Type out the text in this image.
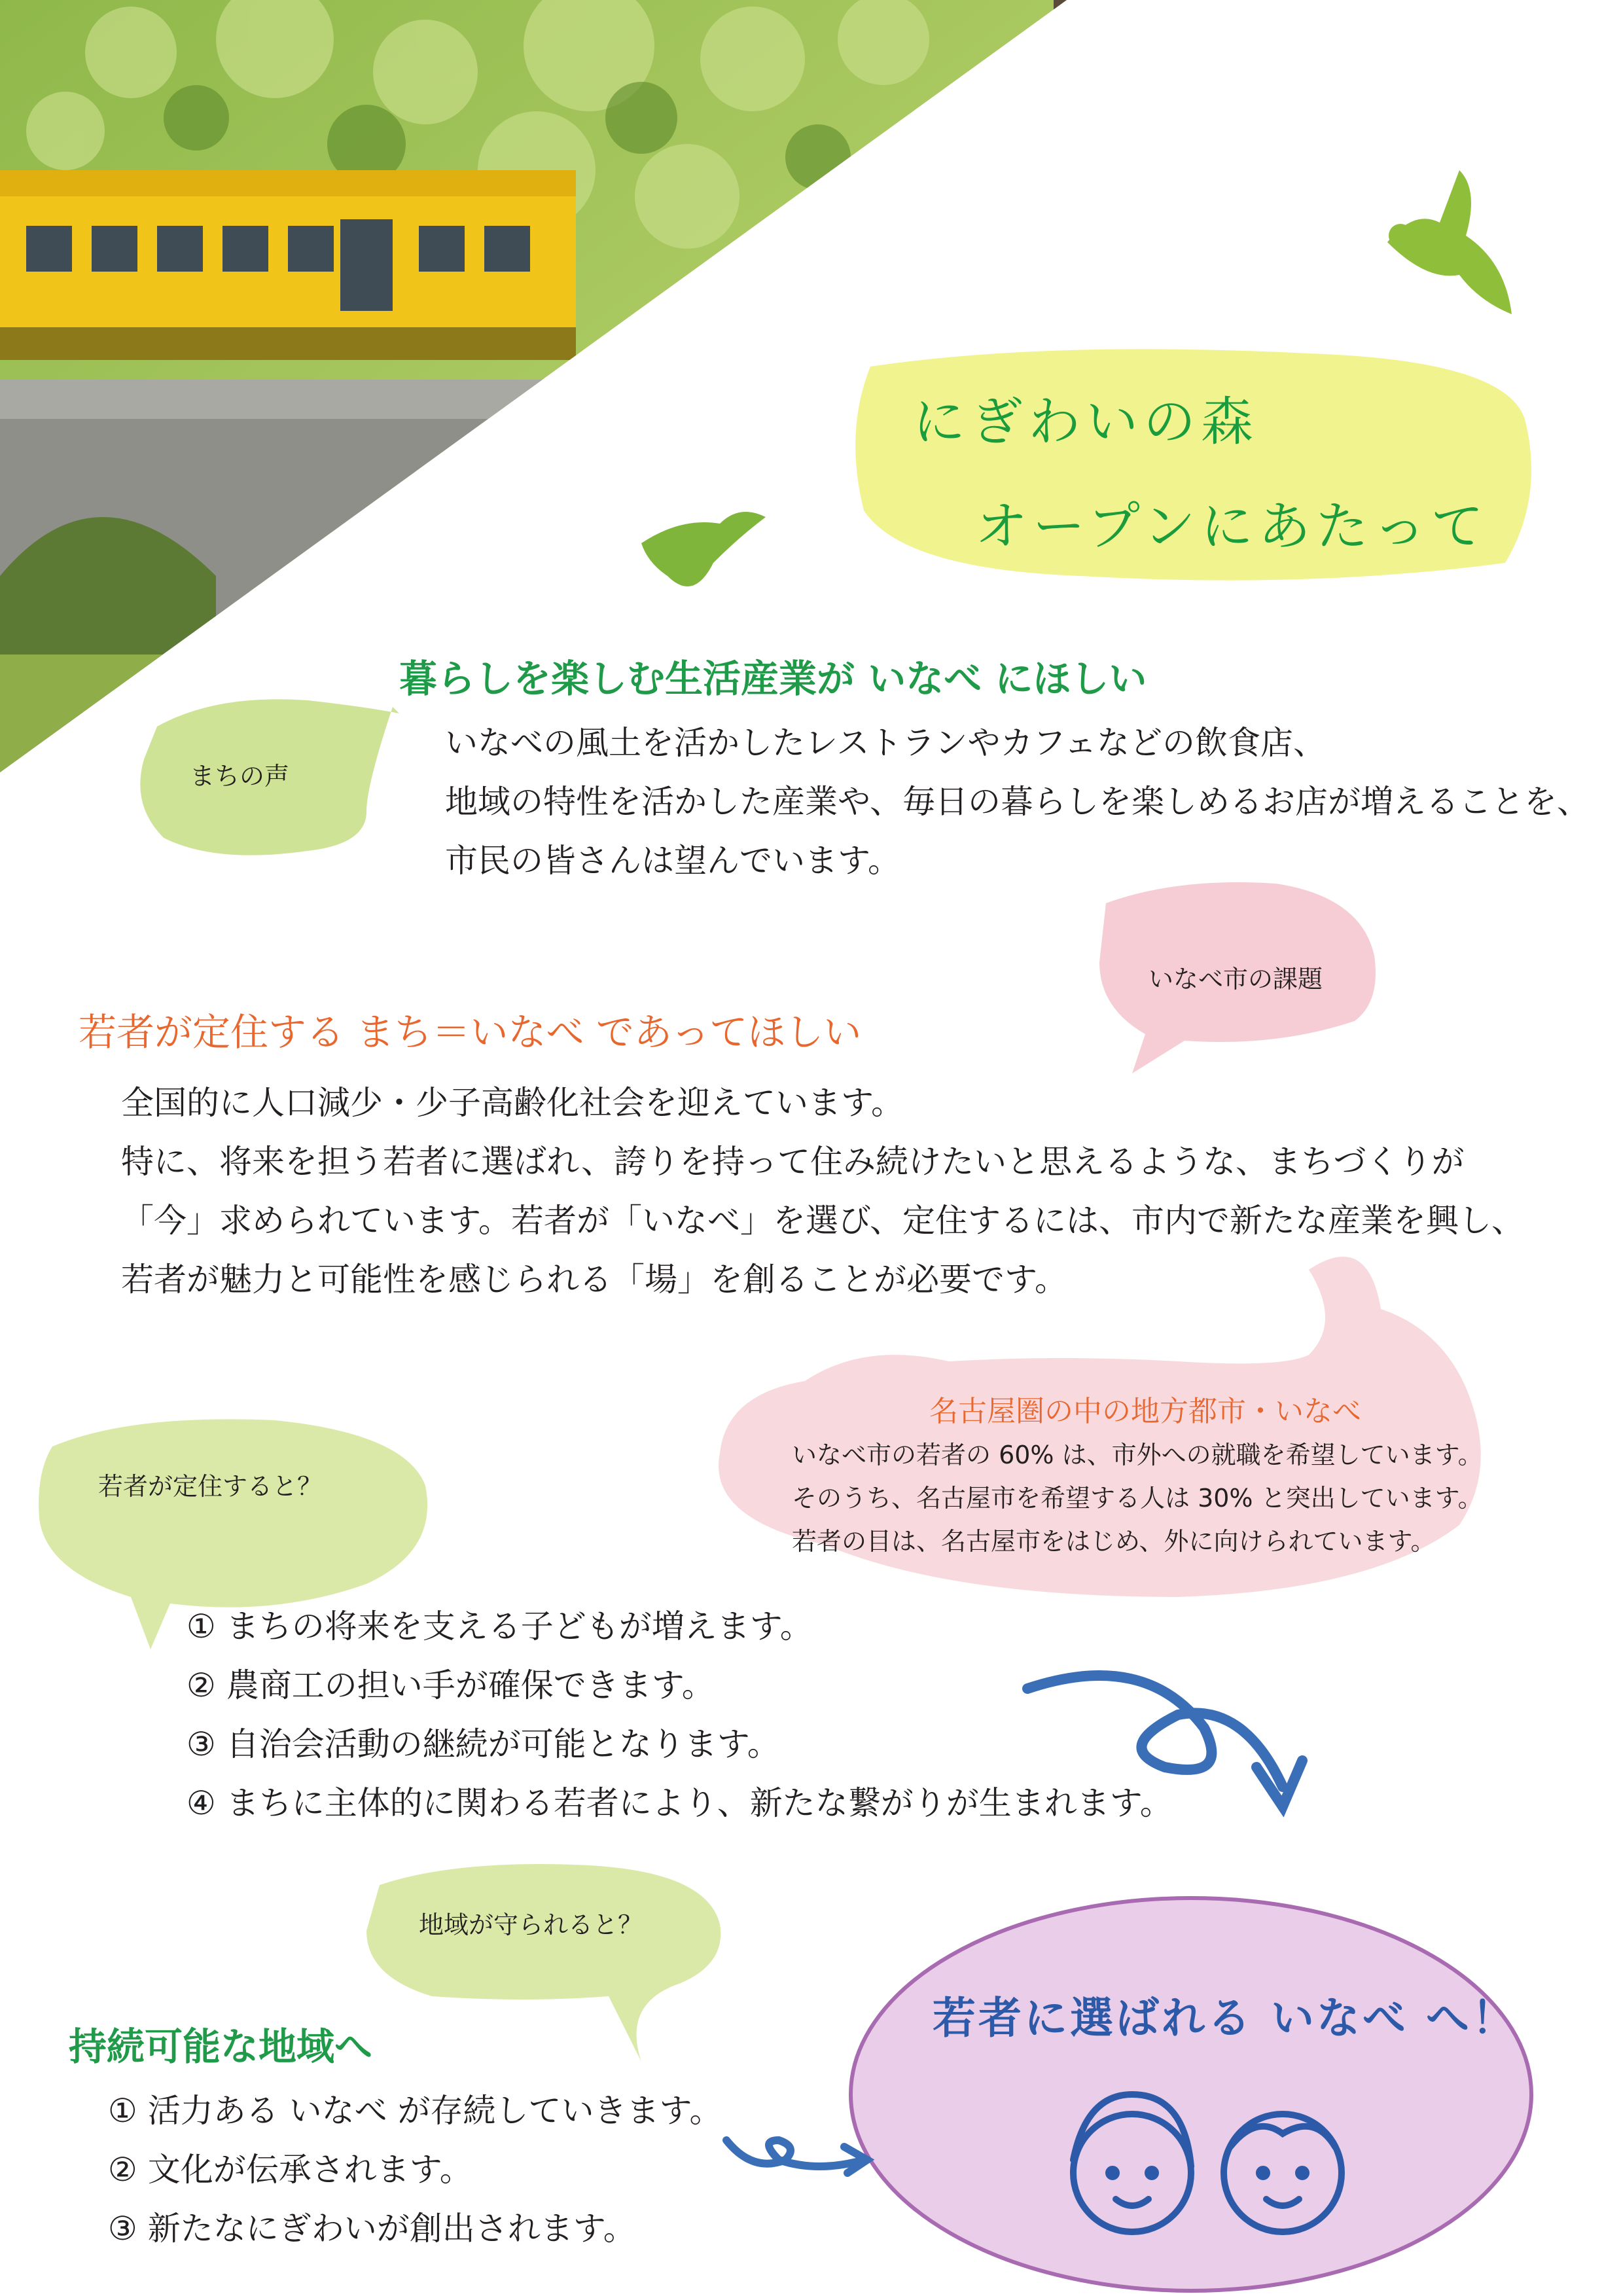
にぎわいの森
オープンにあたって
暮らしを楽しむ生活産業が いなべ にほしい
まちの声
いなべの風土を活かしたレストランやカフェなどの飲食店、
地域の特性を活かした産業や、毎日の暮らしを楽しめるお店が増えることを、
市民の皆さんは望んでいます。
いなべ市の課題
若者が定住する まち＝いなべ であってほしい
全国的に人口減少・少子高齢化社会を迎えています。
特に、将来を担う若者に選ばれ、誇りを持って住み続けたいと思えるような、まちづくりが
「今」求められています。若者が「いなべ」を選び、定住するには、市内で新たな産業を興し、
若者が魅力と可能性を感じられる「場」を創ることが必要です。
名古屋圏の中の地方都市・いなべ
いなべ市の若者の 60% は、市外への就職を希望しています。
そのうち、名古屋市を希望する人は 30% と突出しています。
若者の目は、名古屋市をはじめ、外に向けられています。
若者が定住すると？
① まちの将来を支える子どもが増えます。
② 農商工の担い手が確保できます。
③ 自治会活動の継続が可能となります。
④ まちに主体的に関わる若者により、新たな繋がりが生まれます。
地域が守られると？
持続可能な地域へ
① 活力ある いなべ が存続していきます。
② 文化が伝承されます。
③ 新たなにぎわいが創出されます。
若者に選ばれる いなべ へ！
